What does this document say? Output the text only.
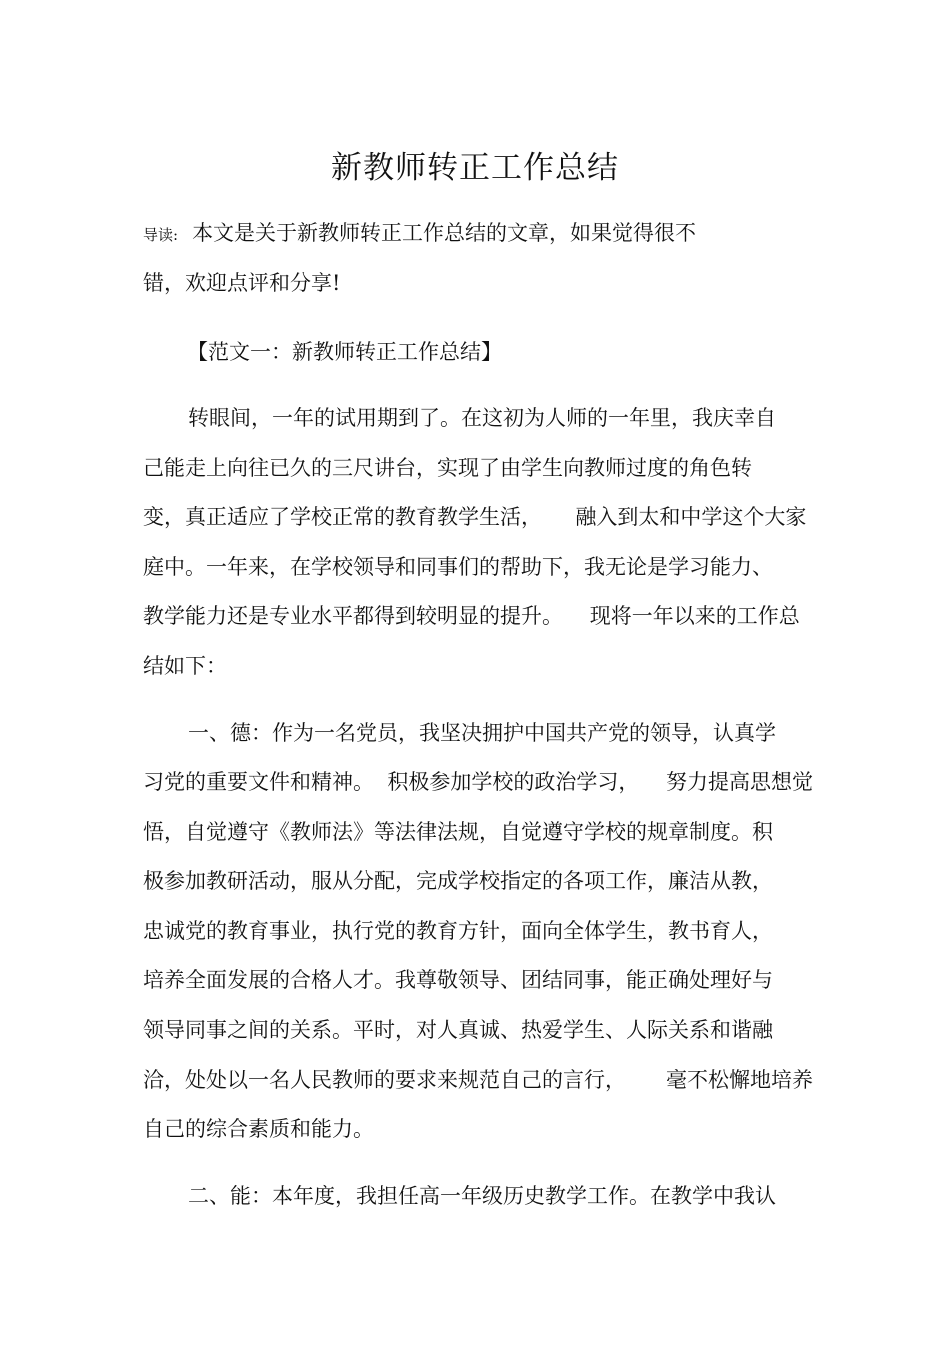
新教师转正工作总结
导读: 本文是关于新教师转正工作总结的文章，如果觉得很不
错，欢迎点评和分享!
【范文一：新教师转正工作总结】
转眼间，一年的试用期到了。在这初为人师的一年里，我庆幸自
己能走上向往已久的三尺讲台，实现了由学生向教师过度的角色转
变，真正适应了学校正常的教育教学生活，     融入到太和中学这个大家
庭中。一年来，在学校领导和同事们的帮助下，我无论是学习能力、
教学能力还是专业水平都得到较明显的提升。    现将一年以来的工作总
结如下：
一、德：作为一名党员，我坚决拥护中国共产党的领导，认真学
习党的重要文件和精神。  积极参加学校的政治学习，    努力提高思想觉
悟，自觉遵守《教师法》等法律法规，自觉遵守学校的规章制度。积
极参加教研活动，服从分配，完成学校指定的各项工作，廉洁从教，
忠诚党的教育事业，执行党的教育方针，面向全体学生，教书育人，
培养全面发展的合格人才。我尊敬领导、团结同事，能正确处理好与
领导同事之间的关系。平时，对人真诚、热爱学生、人际关系和谐融
洽，处处以一名人民教师的要求来规范自己的言行，      毫不松懈地培养
自己的综合素质和能力。
二、能：本年度，我担任高一年级历史教学工作。在教学中我认
